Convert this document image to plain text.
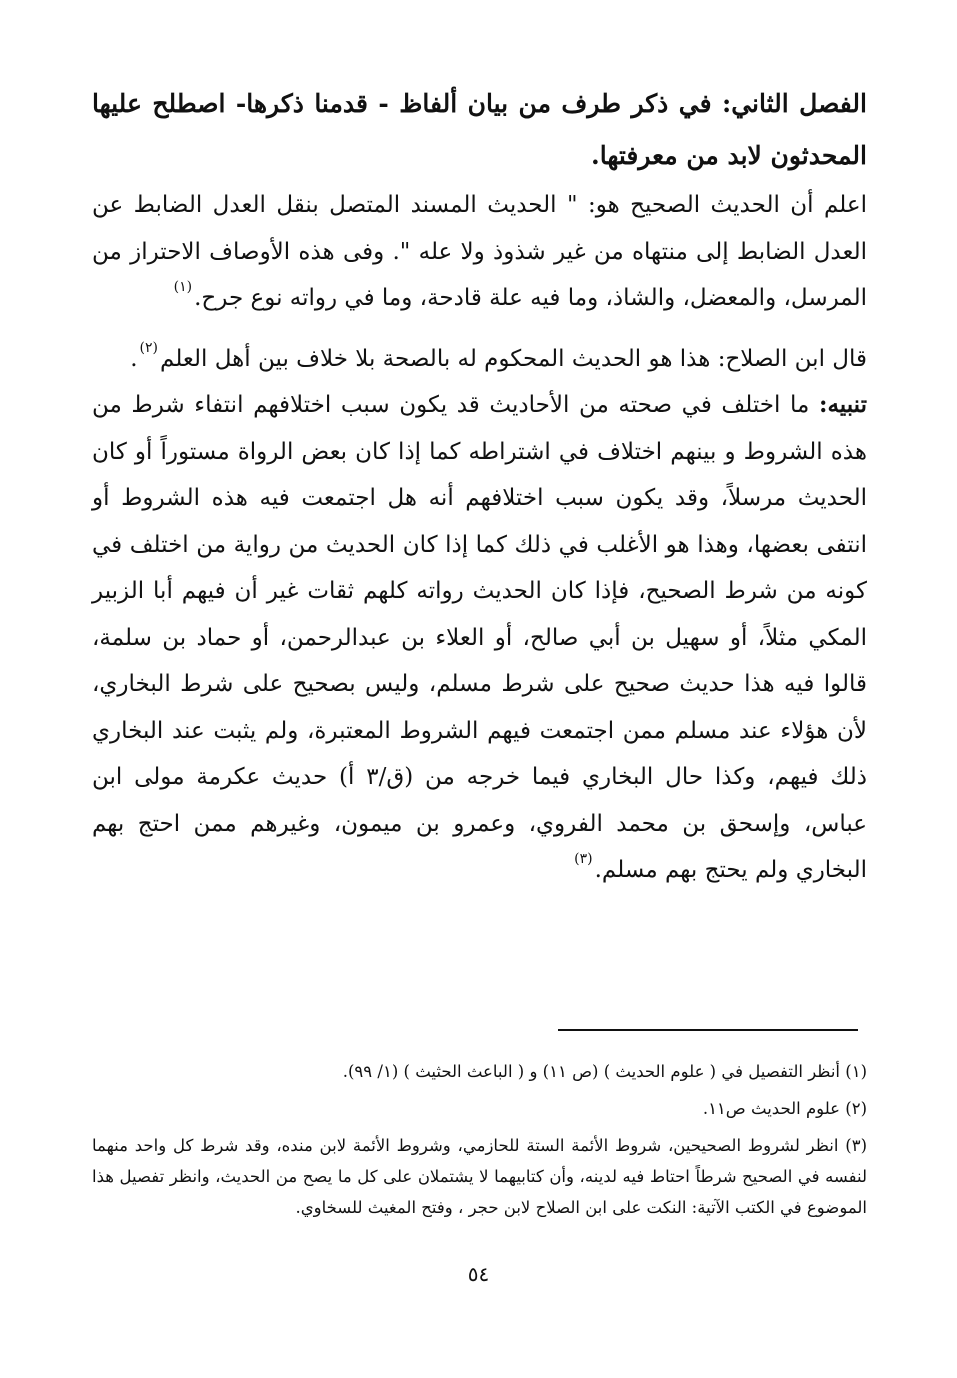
الفصل الثاني: في ذكر طرف من بيان ألفاظ - قدمنا ذكرها- اصطلح عليها المحدثون لابد من معرفتها.

اعلم أن الحديث الصحيح هو: " الحديث المسند المتصل بنقل العدل الضابط عن العدل الضابط إلى منتهاه من غير شذوذ ولا عله ". وفى هذه الأوصاف الاحتراز من المرسل، والمعضل، والشاذ، وما فيه علة قادحة، وما في رواته نوع جرح.$^{(١)}$

قال ابن الصلاح: هذا هو الحديث المحكوم له بالصحة بلا خلاف بين أهل العلم$^{(٢)}$.

تنبيه: ما اختلف في صحته من الأحاديث قد يكون سبب اختلافهم انتفاء شرط من هذه الشروط و بينهم اختلاف في اشتراطه كما إذا كان بعض الرواة مستوراً أو كان الحديث مرسلاً، وقد يكون سبب اختلافهم أنه هل اجتمعت فيه هذه الشروط أو انتفى بعضها، وهذا هو الأغلب في ذلك كما إذا كان الحديث من رواية من اختلف في كونه من شرط الصحيح، فإذا كان الحديث رواته كلهم ثقات غير أن فيهم أبا الزبير المكي مثلاً، أو سهيل بن أبي صالح، أو العلاء بن عبدالرحمن، أو حماد بن سلمة، قالوا فيه هذا حديث صحيح على شرط مسلم، وليس بصحيح على شرط البخاري، لأن هؤلاء عند مسلم ممن اجتمعت فيهم الشروط المعتبرة، ولم يثبت عند البخاري ذلك فيهم، وكذا حال البخاري فيما خرجه من (ق/٣ أ) حديث عكرمة مولى ابن عباس، وإسحق بن محمد الفروي، وعمرو بن ميمون، وغيرهم ممن احتج بهم البخاري ولم يحتج بهم مسلم.$^{(٣)}$

(١) أنظر التفصيل في ( علوم الحديث ) (ص ١١) و ( الباعث الحثيث ) (١/ ٩٩).

(٢) علوم الحديث ص١١.

(٣) انظر لشروط الصحيحين، شروط الأئمة الستة للحازمي، وشروط الأئمة لابن منده، وقد شرط كل واحد منهما لنفسه في الصحيح شرطاً احتاط فيه لدينه، وأن كتابيهما لا يشتملان على كل ما يصح من الحديث، وانظر تفصيل هذا الموضوع في الكتب الآتية: النكت على ابن الصلاح لابن حجر ، وفتح المغيث للسخاوي.

٥٤
